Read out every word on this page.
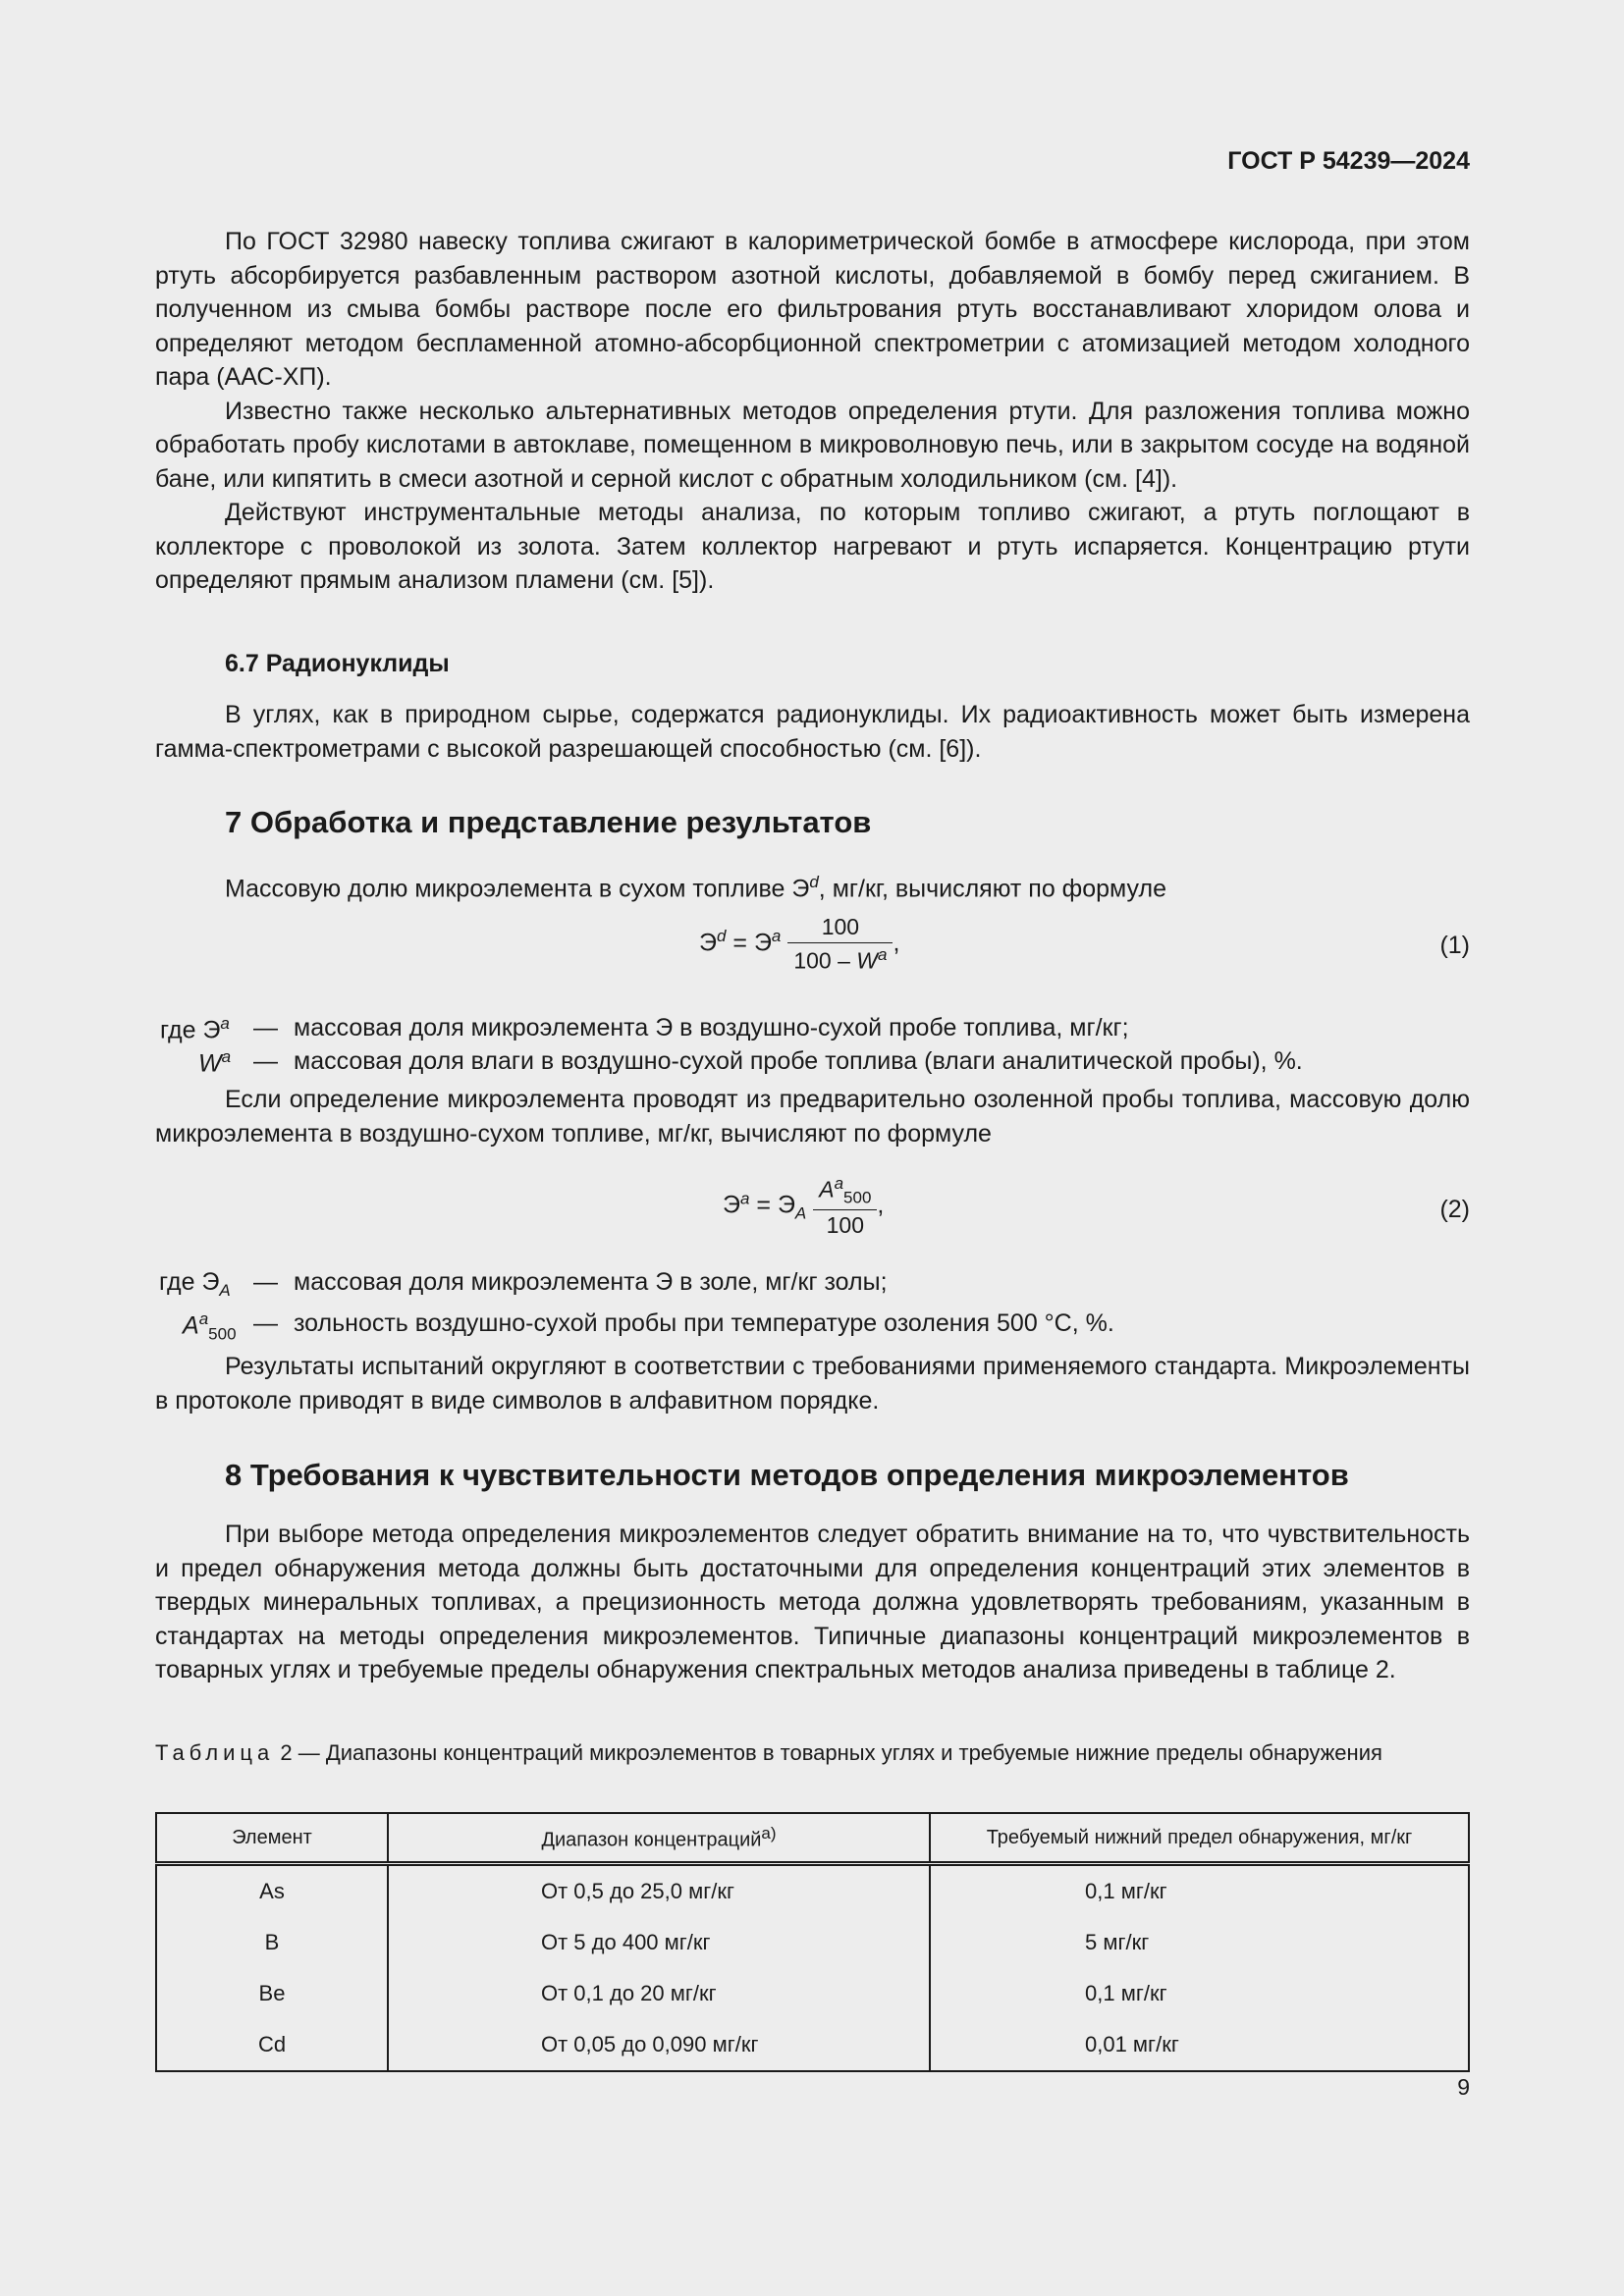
ГОСТ Р 54239—2024

По ГОСТ 32980 навеску топлива сжигают в калориметрической бомбе в атмосфере кислорода, при этом ртуть абсорбируется разбавленным раствором азотной кислоты, добавляемой в бомбу перед сжиганием. В полученном из смыва бомбы растворе после его фильтрования ртуть восстанавливают хлоридом олова и определяют методом беспламенной атомно-абсорбционной спектрометрии с атомизацией методом холодного пара (ААС-ХП).

Известно также несколько альтернативных методов определения ртути. Для разложения топлива можно обработать пробу кислотами в автоклаве, помещенном в микроволновую печь, или в закрытом сосуде на водяной бане, или кипятить в смеси азотной и серной кислот с обратным холодильником (см. [4]).

Действуют инструментальные методы анализа, по которым топливо сжигают, а ртуть поглощают в коллекторе с проволокой из золота. Затем коллектор нагревают и ртуть испаряется. Концентрацию ртути определяют прямым анализом пламени (см. [5]).

6.7 Радионуклиды

В углях, как в природном сырье, содержатся радионуклиды. Их радиоактивность может быть измерена гамма-спектрометрами с высокой разрешающей способностью (см. [6]).

7 Обработка и представление результатов

Массовую долю микроэлемента в сухом топливе $Э^d$, мг/кг, вычисляют по формуле

$Э^d = Э^a \frac{100}{100 - W^a}$ ,	(1)
где $Э^a$ — массовая доля микроэлемента Э в воздушно-сухой пробе топлива, мг/кг;
$W^a$ — массовая доля влаги в воздушно-сухой пробе топлива (влаги аналитической пробы), %.

Если определение микроэлемента проводят из предварительно озоленной пробы топлива, массовую долю микроэлемента в воздушно-сухом топливе, мг/кг, вычисляют по формуле

$Э^a = Э_A \frac{A^a_{500}}{100}$ ,	(2)
где $Э_A$ — массовая доля микроэлемента Э в золе, мг/кг золы;
$A^a_{500}$ — зольность воздушно-сухой пробы при температуре озоления 500 °С, %.

Результаты испытаний округляют в соответствии с требованиями применяемого стандарта. Микроэлементы в протоколе приводят в виде символов в алфавитном порядке.

8 Требования к чувствительности методов определения микроэлементов

При выборе метода определения микроэлементов следует обратить внимание на то, что чувствительность и предел обнаружения метода должны быть достаточными для определения концентраций этих элементов в твердых минеральных топливах, а прецизионность метода должна удовлетворять требованиям, указанным в стандартах на методы определения микроэлементов. Типичные диапазоны концентраций микроэлементов в товарных углях и требуемые пределы обнаружения спектральных методов анализа приведены в таблице 2.

Таблица 2 — Диапазоны концентраций микроэлементов в товарных углях и требуемые нижние пределы обнаружения
Элемент	Диапазон концентраций$^{а)}$	Требуемый нижний предел обнаружения, мг/кг
As	От 0,5 до 25,0 мг/кг	0,1 мг/кг
B	От 5 до 400 мг/кг	5 мг/кг
Be	От 0,1 до 20 мг/кг	0,1 мг/кг
Cd	От 0,05 до 0,090 мг/кг	0,01 мг/кг
9
